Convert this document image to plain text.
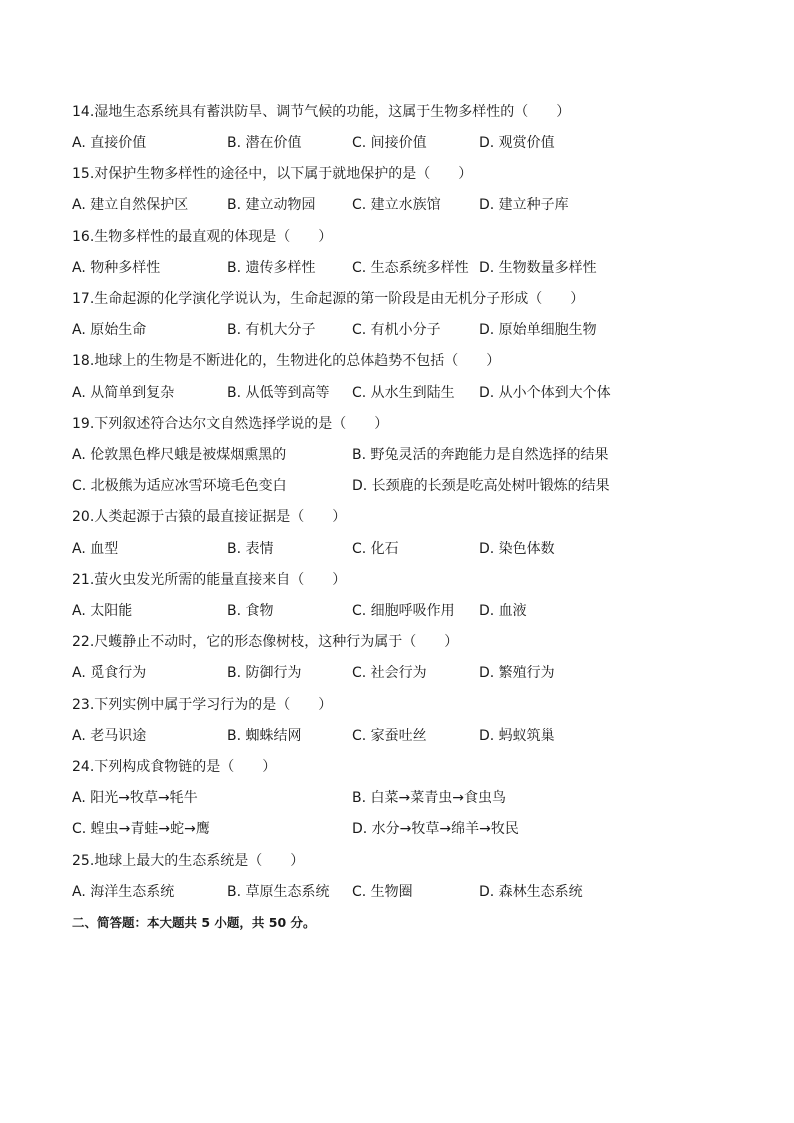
14.湿地生态系统具有蓄洪防旱、调节气候的功能，这属于生物多样性的（　　）
A. 直接价值	B. 潜在价值	C. 间接价值	D. 观赏价值
15.对保护生物多样性的途径中，以下属于就地保护的是（　　）
A. 建立自然保护区	B. 建立动物园	C. 建立水族馆	D. 建立种子库
16.生物多样性的最直观的体现是（　　）
A. 物种多样性	B. 遗传多样性	C. 生态系统多样性 D. 生物数量多样性
17.生命起源的化学演化学说认为，生命起源的第一阶段是由无机分子形成（　　）
A. 原始生命	B. 有机大分子	C. 有机小分子	D. 原始单细胞生物
18.地球上的生物是不断进化的，生物进化的总体趋势不包括（　　）
A. 从简单到复杂	B. 从低等到高等 C. 从水生到陆生 D. 从小个体到大个体
19.下列叙述符合达尔文自然选择学说的是（　　）
A. 伦敦黑色桦尺蛾是被煤烟熏黑的	B. 野兔灵活的奔跑能力是自然选择的结果
C. 北极熊为适应冰雪环境毛色变白	D. 长颈鹿的长颈是吃高处树叶锻炼的结果
20.人类起源于古猿的最直接证据是（　　）
A. 血型	B. 表情	C. 化石	D. 染色体数
21.萤火虫发光所需的能量直接来自（　　）
A. 太阳能	B. 食物	C. 细胞呼吸作用 D. 血液
22.尺蠖静止不动时，它的形态像树枝，这种行为属于（　　）
A. 觅食行为	B. 防御行为	C. 社会行为	D. 繁殖行为
23.下列实例中属于学习行为的是（　　）
A. 老马识途	B. 蜘蛛结网	C. 家蚕吐丝	D. 蚂蚁筑巢
24.下列构成食物链的是（　　）
A. 阳光→牧草→牦牛	B. 白菜→菜青虫→食虫鸟
C. 蝗虫→青蛙→蛇→鹰	D. 水分→牧草→绵羊→牧民
25.地球上最大的生态系统是（　　）
A. 海洋生态系统	B. 草原生态系统 C. 生物圈	D. 森林生态系统
二、简答题：本大题共 5 小题，共 50 分。
